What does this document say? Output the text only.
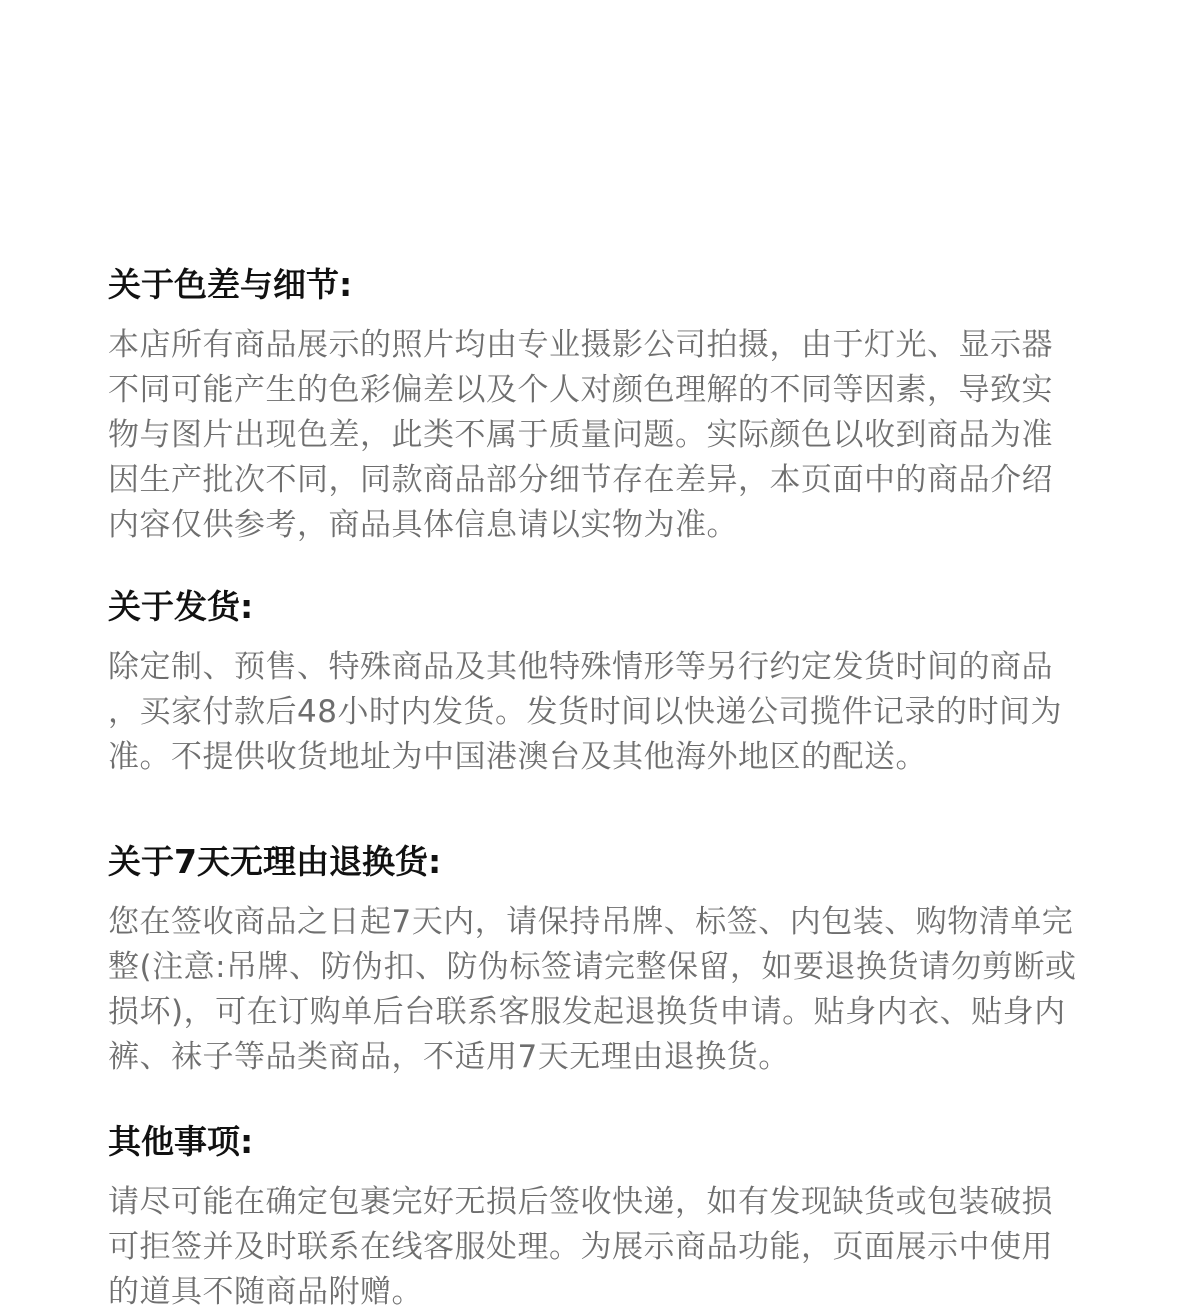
关于色差与细节:
本店所有商品展示的照片均由专业摄影公司拍摄，由于灯光、显示器
不同可能产生的色彩偏差以及个人对颜色理解的不同等因素，导致实
物与图片出现色差，此类不属于质量问题。实际颜色以收到商品为准
因生产批次不同，同款商品部分细节存在差异，本页面中的商品介绍
内容仅供参考，商品具体信息请以实物为准。
关于发货:
除定制、预售、特殊商品及其他特殊情形等另行约定发货时间的商品
，买家付款后48小时内发货。发货时间以快递公司揽件记录的时间为
准。不提供收货地址为中国港澳台及其他海外地区的配送。
关于7天无理由退换货:
您在签收商品之日起7天内，请保持吊牌、标签、内包装、购物清单完
整(注意:吊牌、防伪扣、防伪标签请完整保留，如要退换货请勿剪断或
损坏)，可在订购单后台联系客服发起退换货申请。贴身内衣、贴身内
裤、袜子等品类商品，不适用7天无理由退换货。
其他事项:
请尽可能在确定包裹完好无损后签收快递，如有发现缺货或包装破损
可拒签并及时联系在线客服处理。为展示商品功能，页面展示中使用
的道具不随商品附赠。
